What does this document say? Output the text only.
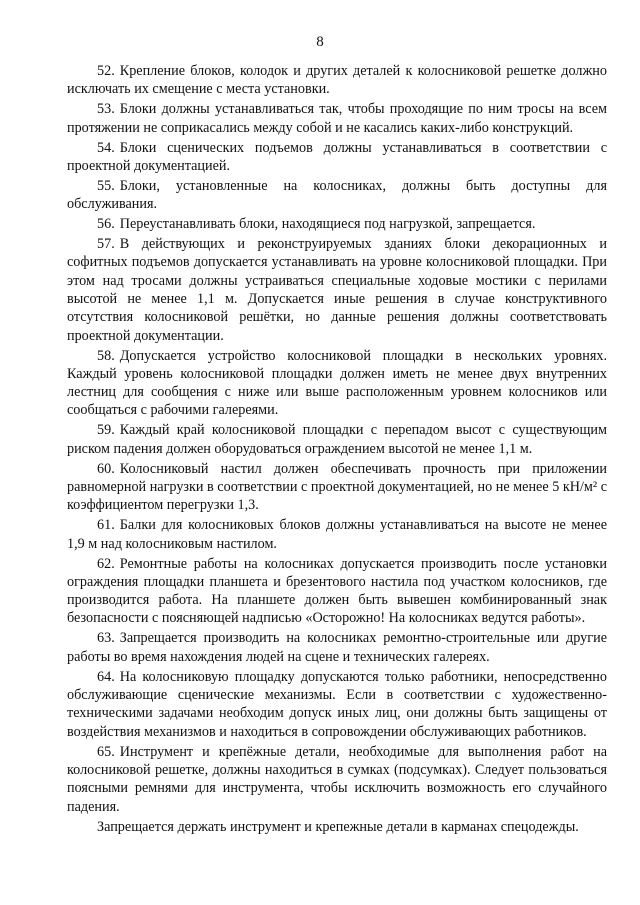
8

52. Крепление блоков, колодок и других деталей к колосниковой решетке должно исключать их смещение с места установки.

53. Блоки должны устанавливаться так, чтобы проходящие по ним тросы на всем протяжении не соприкасались между собой и не касались каких-либо конструкций.

54. Блоки сценических подъемов должны устанавливаться в соответствии с проектной документацией.

55. Блоки, установленные на колосниках, должны быть доступны для обслуживания.

56. Переустанавливать блоки, находящиеся под нагрузкой, запрещается.

57. В действующих и реконструируемых зданиях блоки декорационных и софитных подъемов допускается устанавливать на уровне колосниковой площадки. При этом над тросами должны устраиваться специальные ходовые мостики с перилами высотой не менее 1,1 м. Допускается иные решения в случае конструктивного отсутствия колосниковой решётки, но данные решения должны соответствовать проектной документации.

58. Допускается устройство колосниковой площадки в нескольких уровнях. Каждый уровень колосниковой площадки должен иметь не менее двух внутренних лестниц для сообщения с ниже или выше расположенным уровнем колосников или сообщаться с рабочими галереями.

59. Каждый край колосниковой площадки с перепадом высот с существующим риском падения должен оборудоваться ограждением высотой не менее 1,1 м.

60. Колосниковый настил должен обеспечивать прочность при приложении равномерной нагрузки в соответствии с проектной документацией, но не менее 5 кН/м² с коэффициентом перегрузки 1,3.

61. Балки для колосниковых блоков должны устанавливаться на высоте не менее 1,9 м над колосниковым настилом.

62. Ремонтные работы на колосниках допускается производить после установки ограждения площадки планшета и брезентового настила под участком колосников, где производится работа. На планшете должен быть вывешен комбинированный знак безопасности с поясняющей надписью «Осторожно! На колосниках ведутся работы».

63. Запрещается производить на колосниках ремонтно-строительные или другие работы во время нахождения людей на сцене и технических галереях.

64. На колосниковую площадку допускаются только работники, непосредственно обслуживающие сценические механизмы. Если в соответствии с художественно-техническими задачами необходим допуск иных лиц, они должны быть защищены от воздействия механизмов и находиться в сопровождении обслуживающих работников.

65. Инструмент и крепёжные детали, необходимые для выполнения работ на колосниковой решетке, должны находиться в сумках (подсумках). Следует пользоваться поясными ремнями для инструмента, чтобы исключить возможность его случайного падения.

Запрещается держать инструмент и крепежные детали в карманах спецодежды.
